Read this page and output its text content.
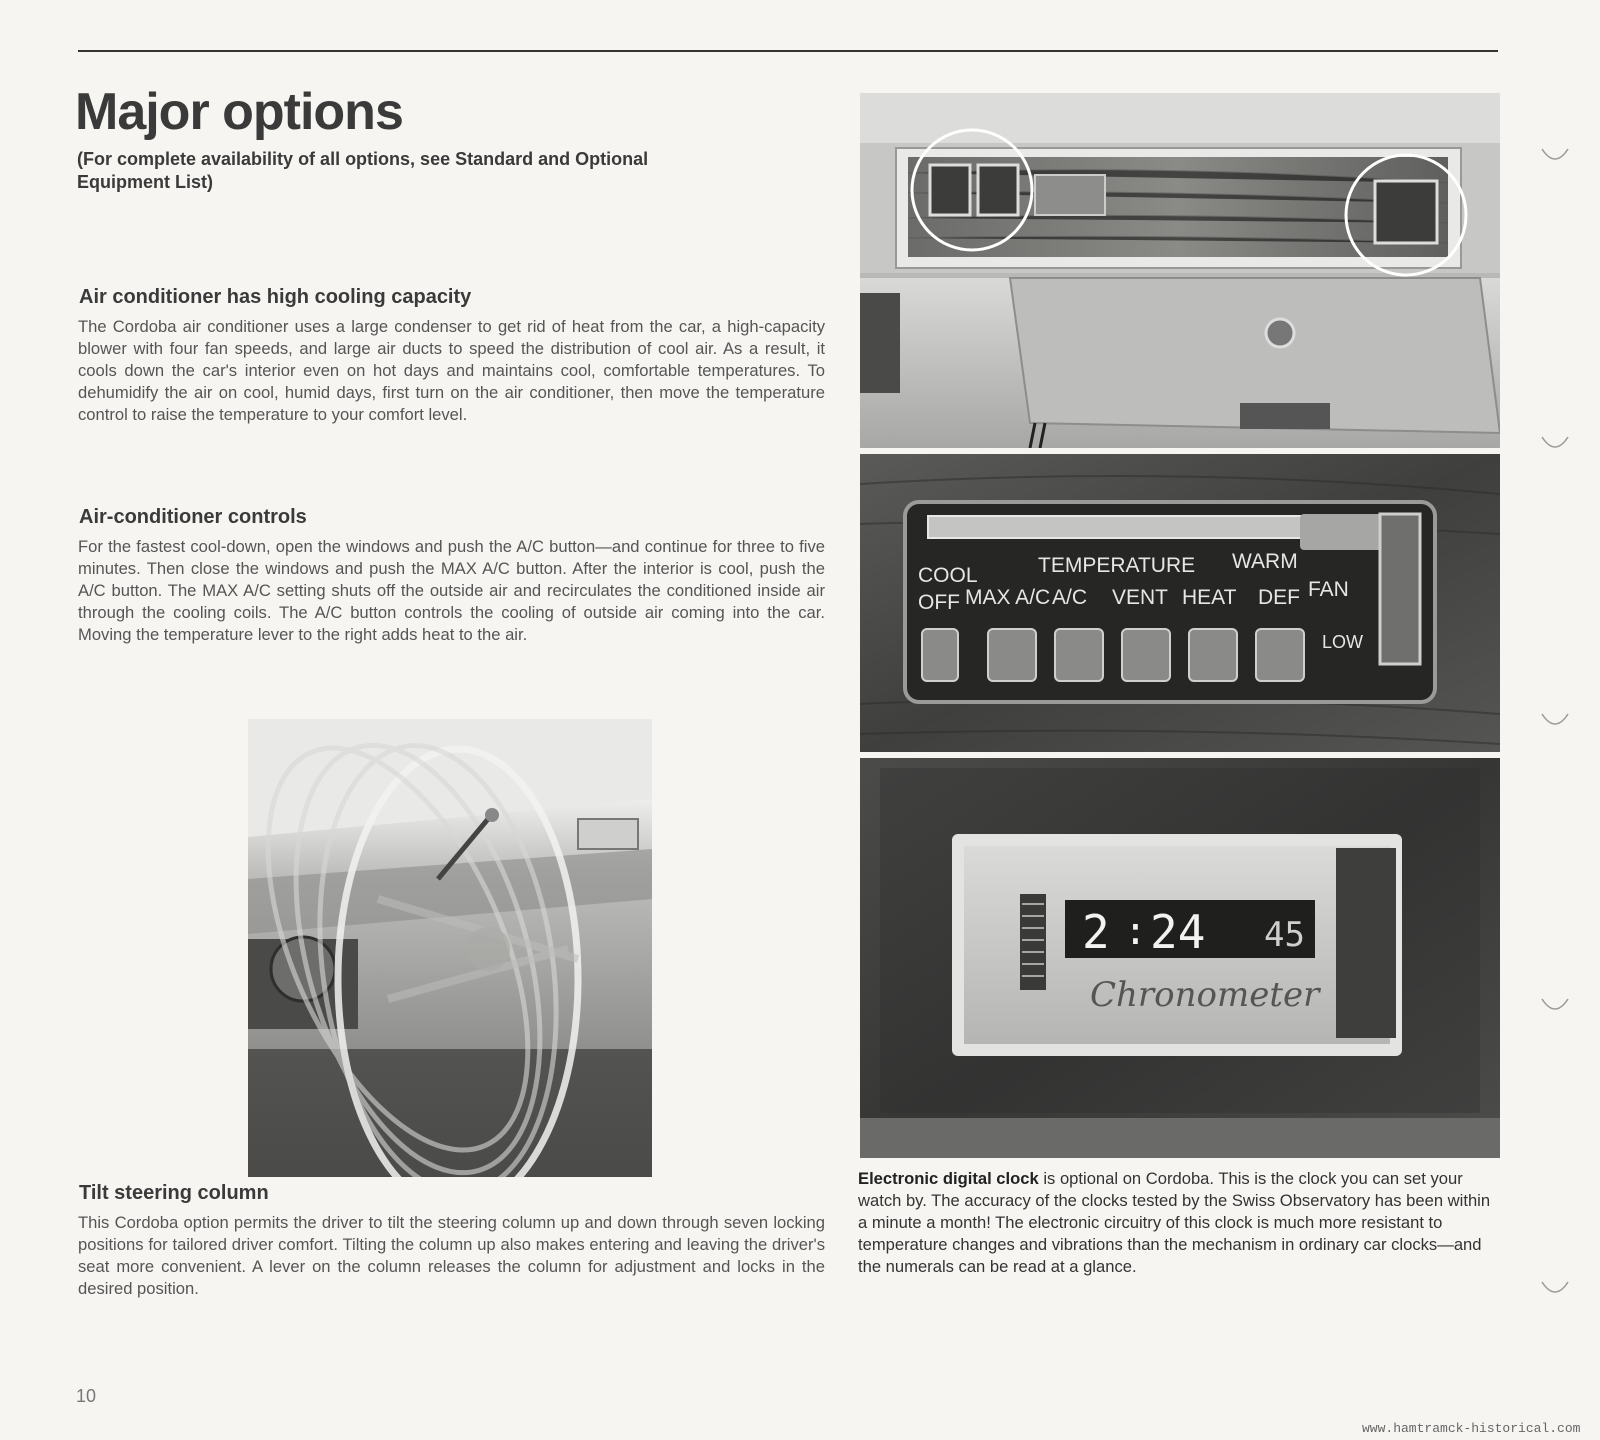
Major options

(For complete availability of all options, see Standard and Optional Equipment List)

Air conditioner has high cooling capacity

The Cordoba air conditioner uses a large condenser to get rid of heat from the car, a high-capacity blower with four fan speeds, and large air ducts to speed the distribution of cool air. As a result, it cools down the car's interior even on hot days and maintains cool, comfortable temperatures. To dehumidify the air on cool, humid days, first turn on the air conditioner, then move the temperature control to raise the temperature to your comfort level.

Air-conditioner controls

For the fastest cool-down, open the windows and push the A/C button—and continue for three to five minutes. Then close the windows and push the MAX A/C button. After the interior is cool, push the A/C button. The MAX A/C setting shuts off the outside air and recirculates the conditioned inside air through the cooling coils. The A/C button controls the cooling of outside air coming into the car. Moving the temperature lever to the right adds heat to the air.

Tilt steering column

This Cordoba option permits the driver to tilt the steering column up and down through seven locking positions for tailored driver comfort. Tilting the column up also makes entering and leaving the driver's seat more convenient. A lever on the column releases the column for adjustment and locks in the desired position.

COOL	TEMPERATURE WARM
OFF MAX A/C A/C VENT HEAT DEF FAN
LOW
2 : 24 45
Chronometer

Electronic digital clock is optional on Cordoba. This is the clock you can set your watch by. The accuracy of the clocks tested by the Swiss Observatory has been within a minute a month! The electronic circuitry of this clock is much more resistant to temperature changes and vibrations than the mechanism in ordinary car clocks—and the numerals can be read at a glance.

10
www.hamtramck-historical.com
